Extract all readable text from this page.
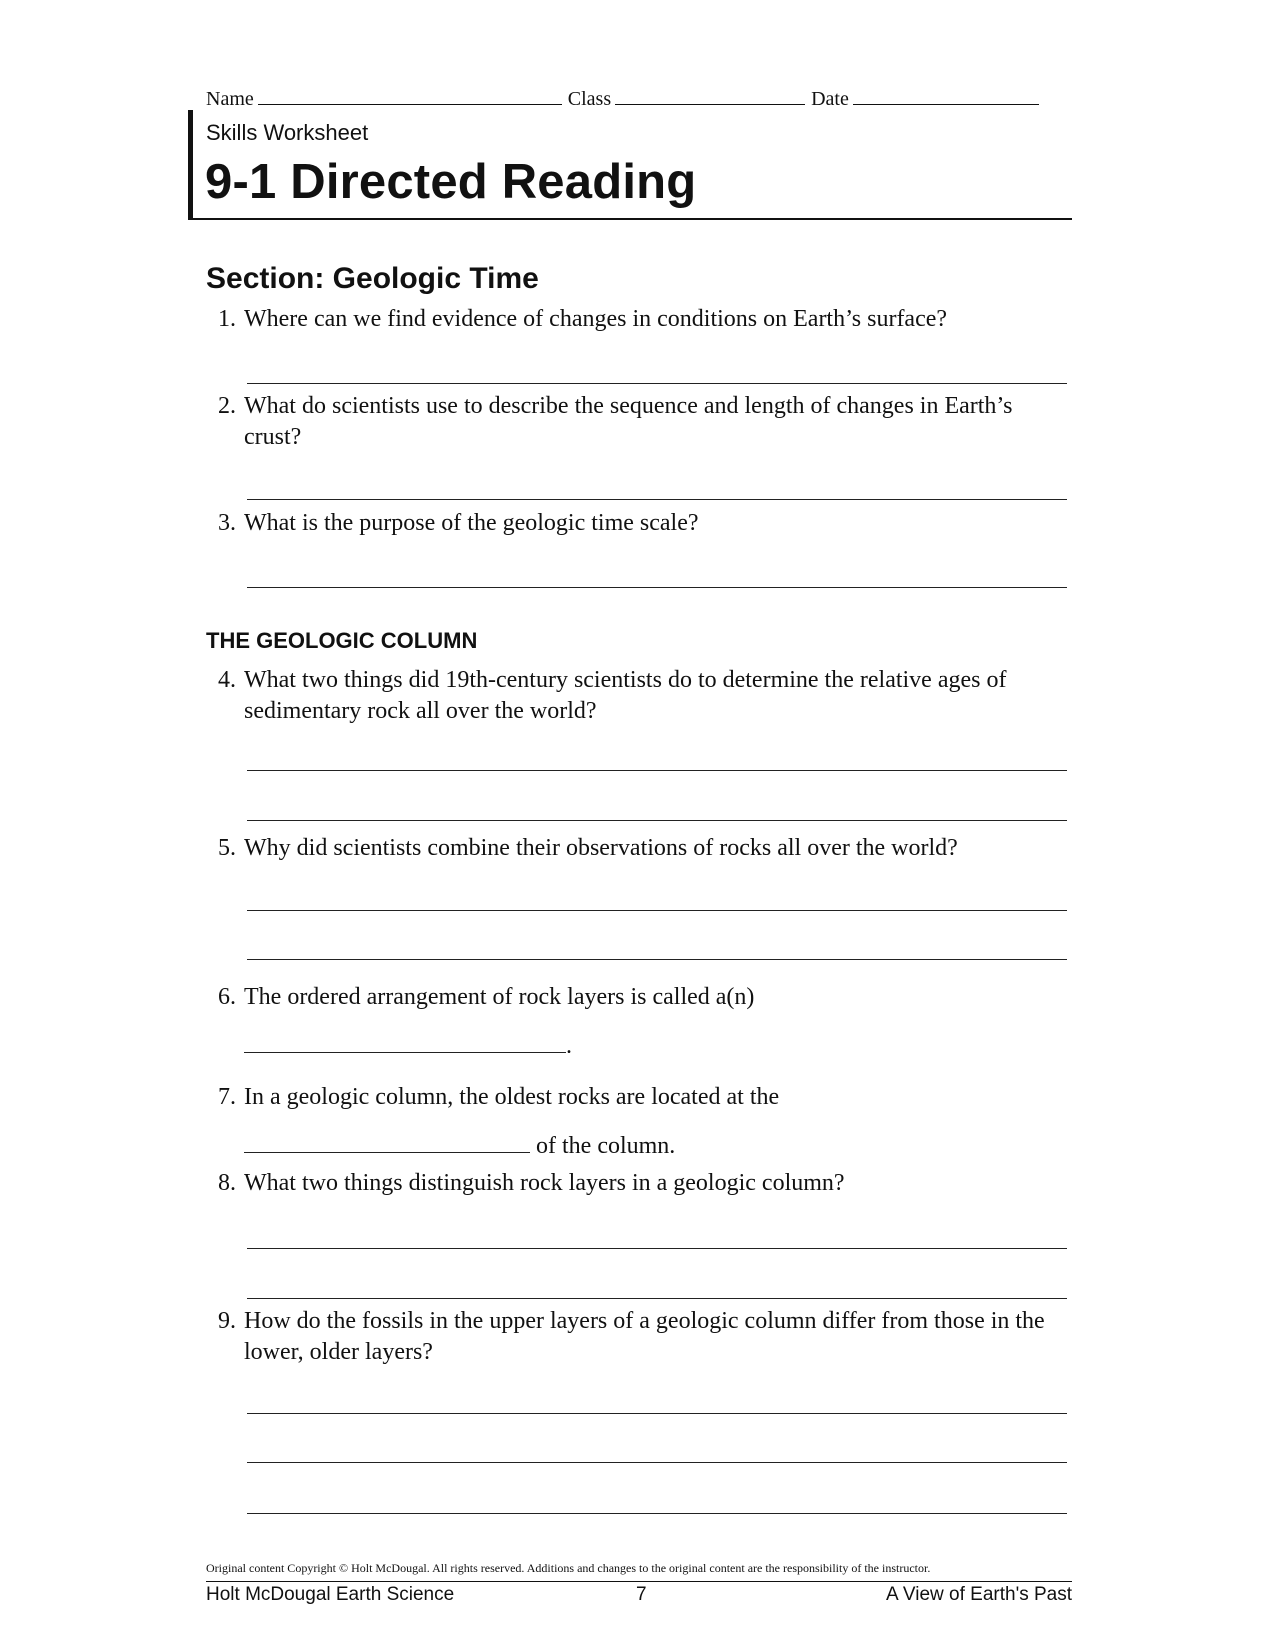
Name	Class	Date
Skills Worksheet
9-1 Directed Reading
Section: Geologic Time
1. Where can we find evidence of changes in conditions on Earth’s surface?
2. What do scientists use to describe the sequence and length of changes in Earth’s crust?
3. What is the purpose of the geologic time scale?
THE GEOLOGIC COLUMN
4. What two things did 19th-century scientists do to determine the relative ages of sedimentary rock all over the world?
5. Why did scientists combine their observations of rocks all over the world?
6. The ordered arrangement of rock layers is called a(n)
.
7. In a geologic column, the oldest rocks are located at the
of the column.
8. What two things distinguish rock layers in a geologic column?
9. How do the fossils in the upper layers of a geologic column differ from those in the lower, older layers?
Original content Copyright © Holt McDougal. All rights reserved. Additions and changes to the original content are the responsibility of the instructor.
Holt McDougal Earth Science	7	A View of Earth's Past
